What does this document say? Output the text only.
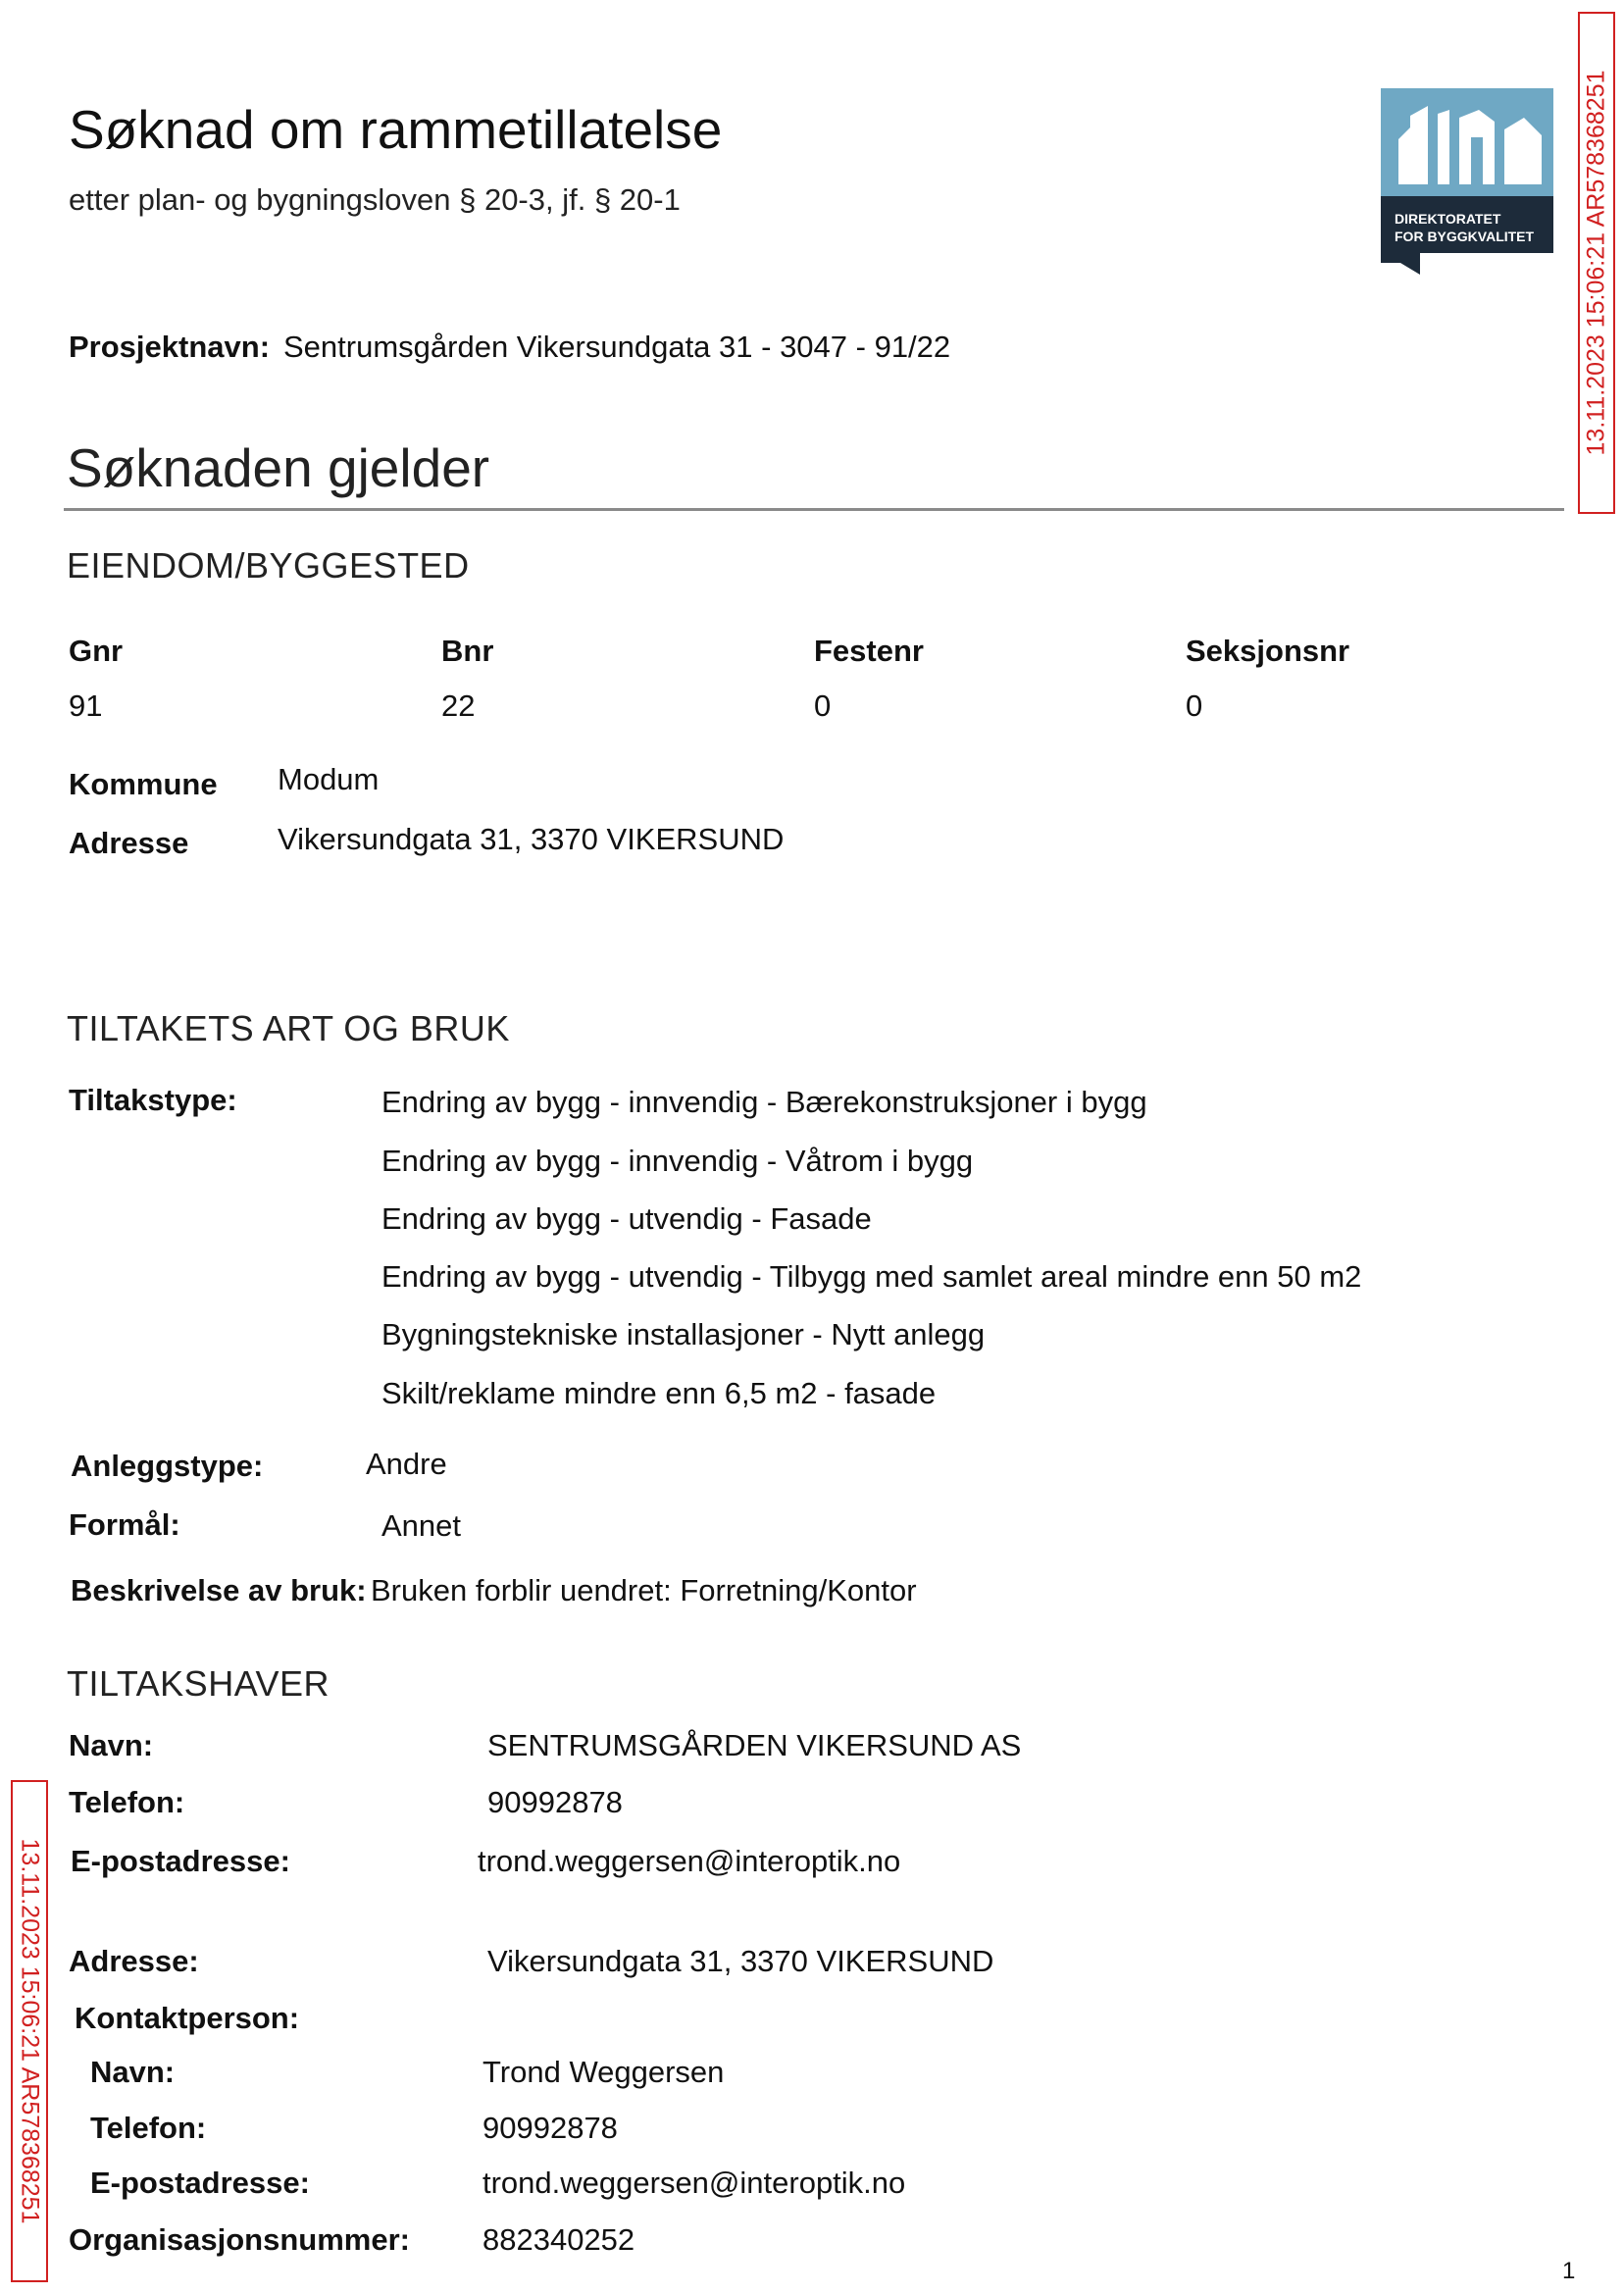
Søknad om rammetillatelse
etter plan- og bygningsloven § 20-3, jf. § 20-1
DIREKTORATET
FOR BYGGKVALITET 13.11.2023 15:06:21 AR578368251
13.11.2023 15:06:21 AR578368251
Prosjektnavn: Sentrumsgården Vikersundgata 31 - 3047 - 91/22
Søknaden gjelder
EIENDOM/BYGGESTED
Gnr	Bnr	Festenr	Seksjonsnr
91	22	0	0
Kommune Modum
Adresse	Vikersundgata 31, 3370 VIKERSUND
TILTAKETS ART OG BRUK
Tiltakstype:	Endring av bygg - innvendig - Bærekonstruksjoner i bygg
Endring av bygg - innvendig - Våtrom i bygg
Endring av bygg - utvendig - Fasade
Endring av bygg - utvendig - Tilbygg med samlet areal mindre enn 50 m2
Bygningstekniske installasjoner - Nytt anlegg
Skilt/reklame mindre enn 6,5 m2 - fasade
Anleggstype:	Andre
Formål:	Annet
Beskrivelse av bruk: Bruken forblir uendret: Forretning/Kontor
TILTAKSHAVER
Navn:	SENTRUMSGÅRDEN VIKERSUND AS
Telefon:	90992878
E-postadresse:	trond.weggersen@interoptik.no
Adresse:	Vikersundgata 31, 3370 VIKERSUND
Kontaktperson:
Navn:	Trond Weggersen
Telefon:	90992878
E-postadresse:	trond.weggersen@interoptik.no
Organisasjonsnummer: 882340252
1
